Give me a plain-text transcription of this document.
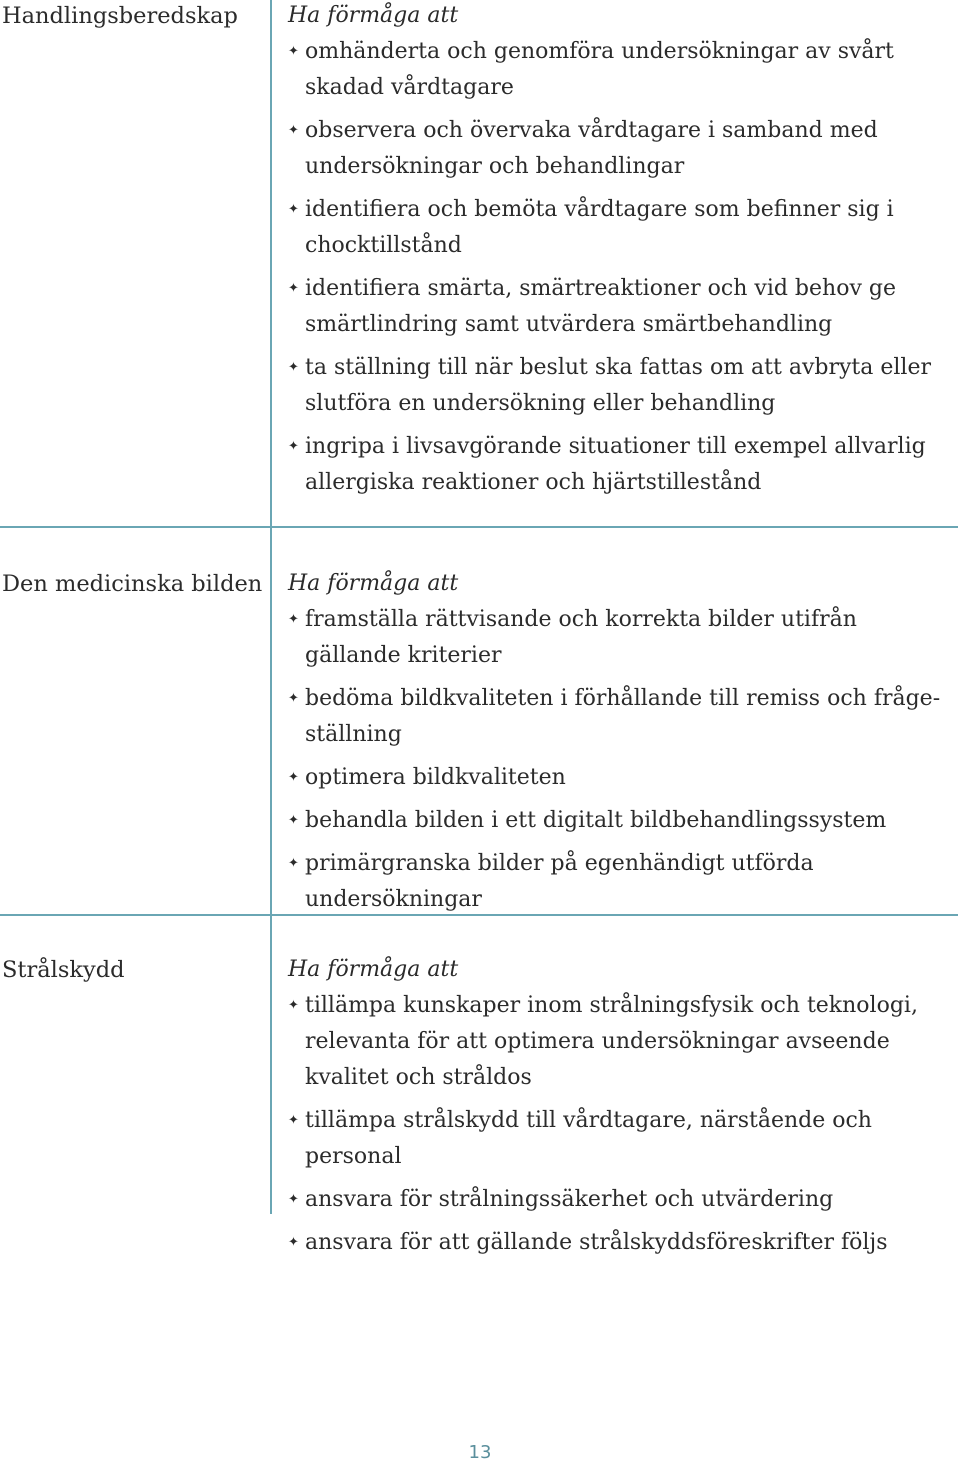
Handlingsberedskap Ha förmåga att
✦ omhänderta och genomföra undersökningar av svårt skadad vårdtagare
✦ observera och övervaka vårdtagare i samband med undersökningar och behandlingar
✦ identifiera och bemöta vårdtagare som befinner sig i chocktillstånd
✦ identifiera smärta, smärtreaktioner och vid behov ge smärtlindring samt utvärdera smärtbehandling
✦ ta ställning till när beslut ska fattas om att avbryta eller slutföra en undersökning eller behandling
✦ ingripa i livsavgörande situationer till exempel allvarlig allergiska reaktioner och hjärtstillestånd
Den medicinska bilden Ha förmåga att
✦ framställa rättvisande och korrekta bilder utifrån gällande kriterier
✦ bedöma bildkvaliteten i förhållande till remiss och frågeställning
✦ optimera bildkvaliteten
✦ behandla bilden i ett digitalt bildbehandlingssystem
✦ primärgranska bilder på egenhändigt utförda undersökningar
Strålskydd	Ha förmåga att
✦ tillämpa kunskaper inom strålningsfysik och teknologi, relevanta för att optimera undersökningar avseende kvalitet och stråldos
✦ tillämpa strålskydd till vårdtagare, närstående och personal
✦ ansvara för strålningssäkerhet och utvärdering
✦ ansvara för att gällande strålskyddsföreskrifter följs
13
